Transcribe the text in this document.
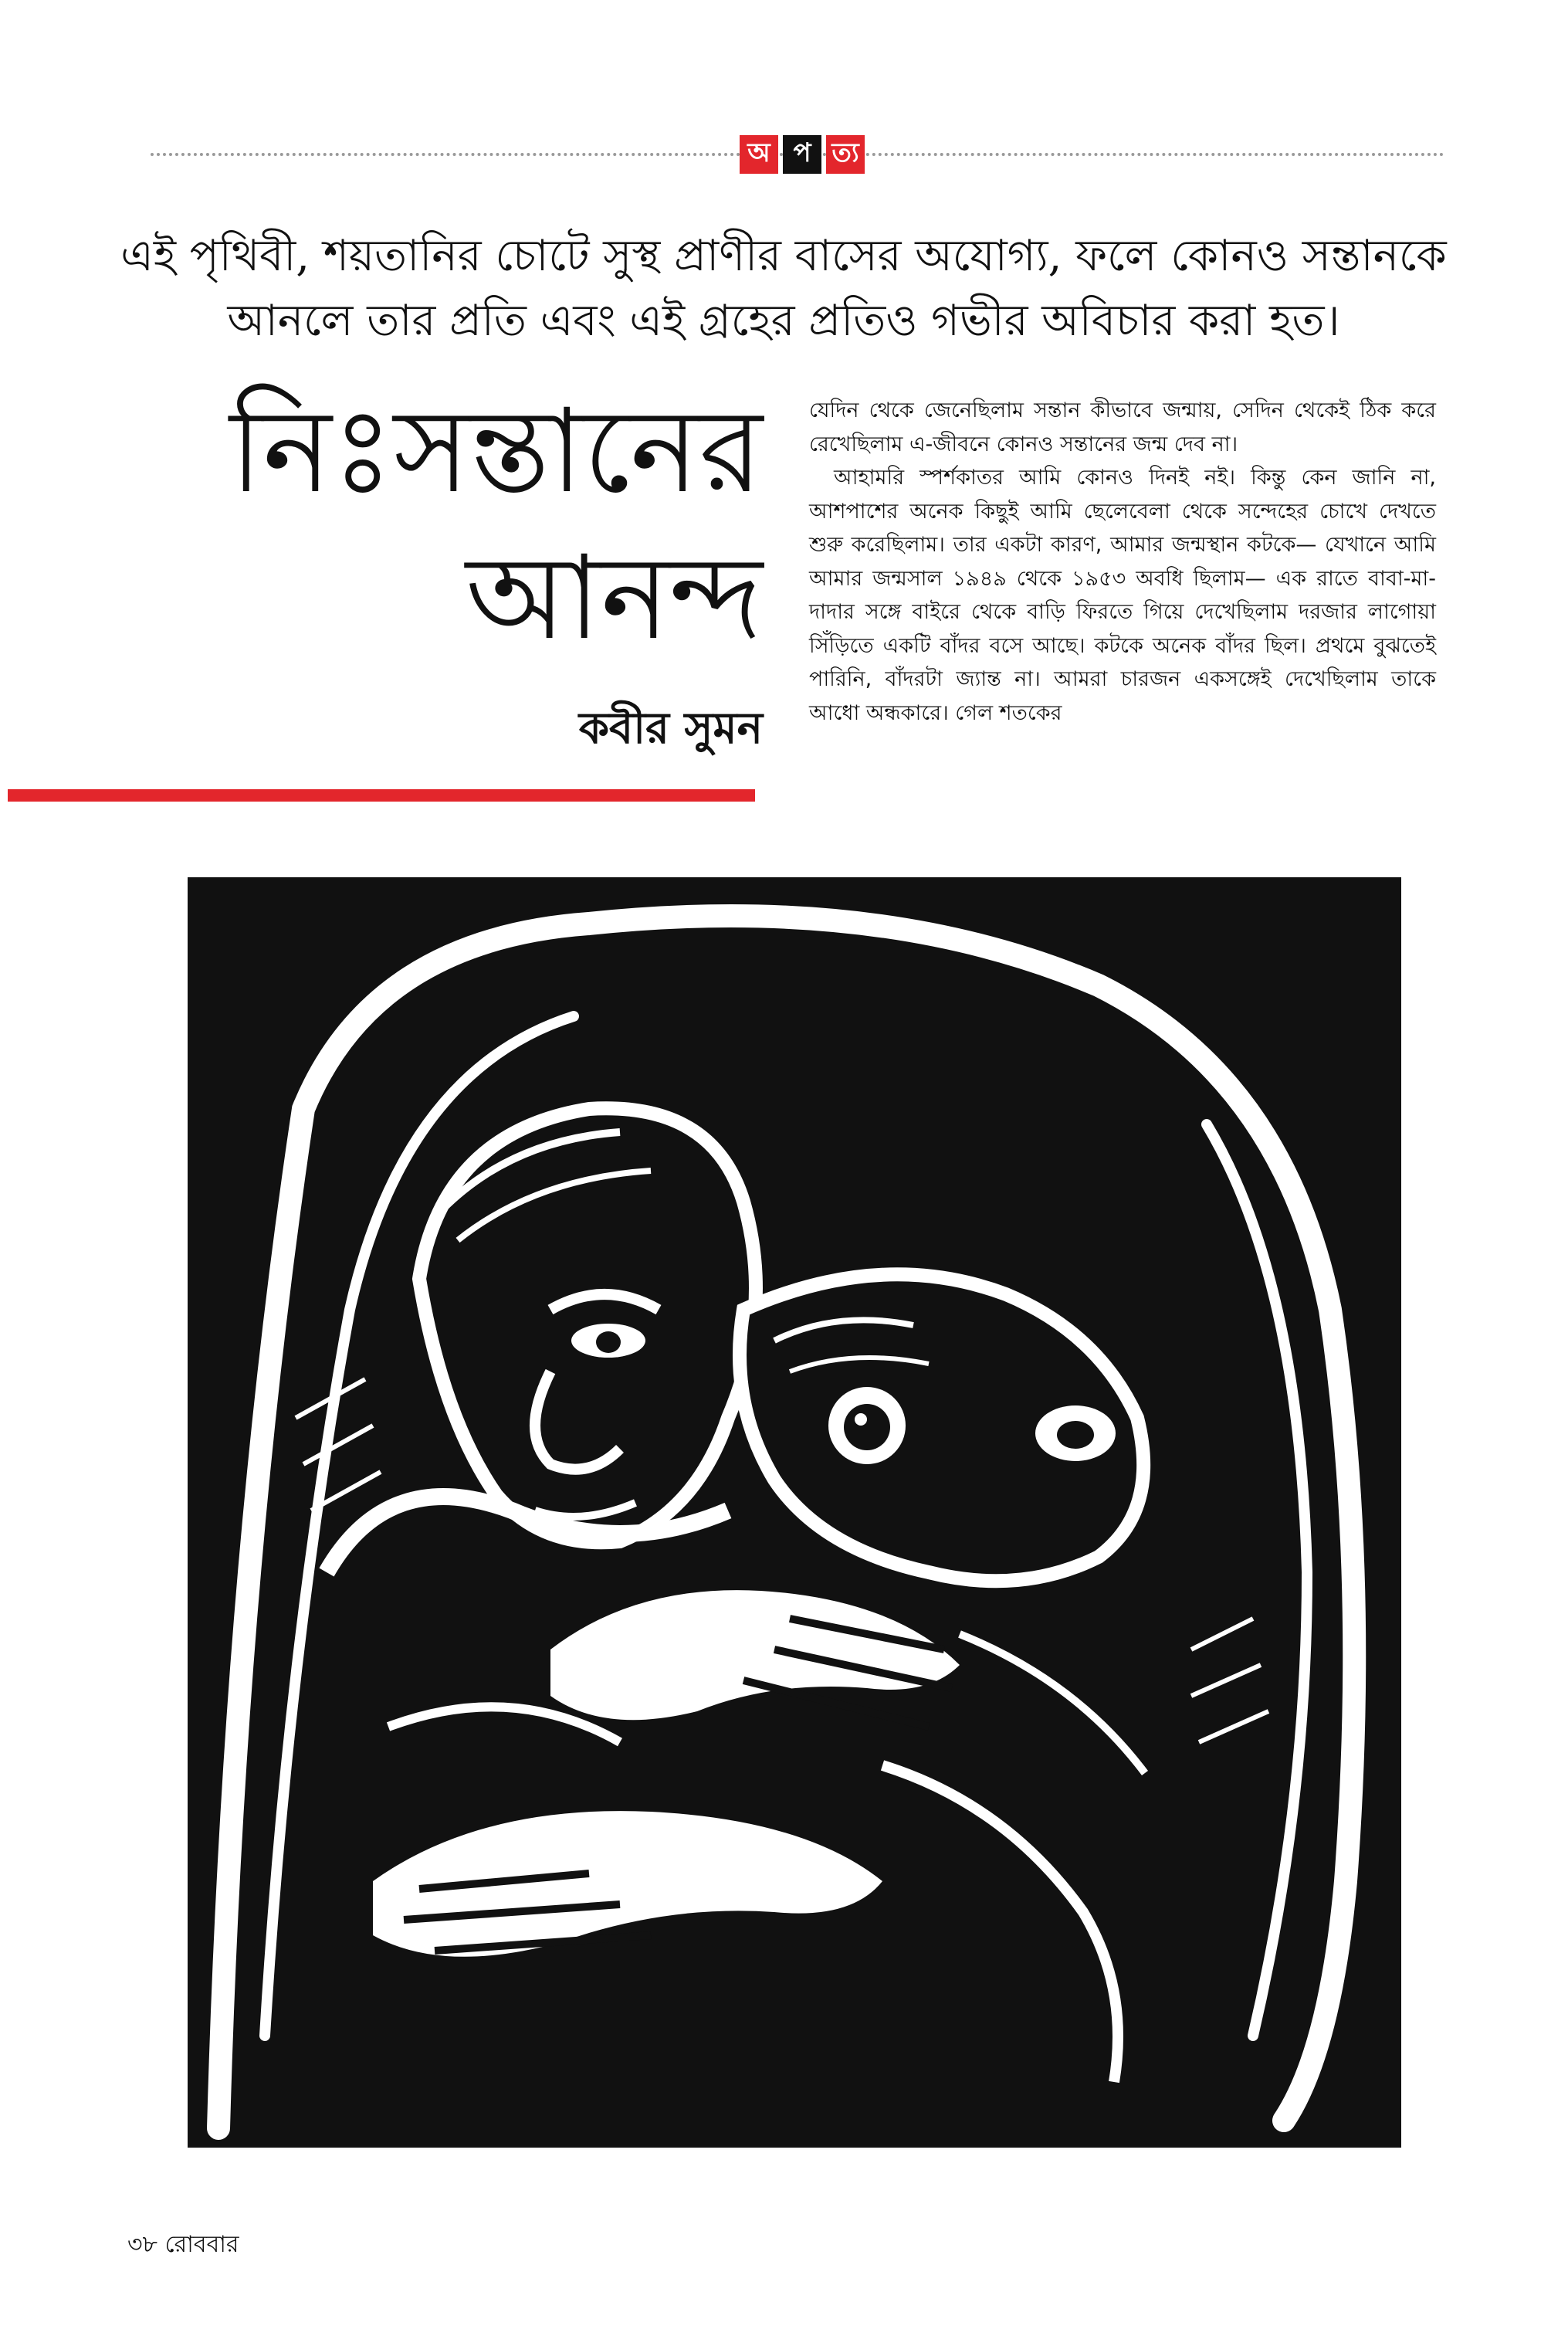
অ প ত্য

এই পৃথিবী, শয়তানির চোটে সুস্থ প্রাণীর বাসের অযোগ্য, ফলে কোনও সন্তানকে
আনলে তার প্রতি এবং এই গ্রহের প্রতিও গভীর অবিচার করা হত।

নিঃসন্তানের
আনন্দ

কবীর সুমন

যেদিন থেকে জেনেছিলাম সন্তান কীভাবে জন্মায়, সেদিন থেকেই ঠিক করে রেখেছিলাম এ-জীবনে কোনও সন্তানের জন্ম দেব না।

আহামরি স্পর্শকাতর আমি কোনও দিনই নই। কিন্তু কেন জানি না, আশপাশের অনেক কিছুই আমি ছেলেবেলা থেকে সন্দেহের চোখে দেখতে শুরু করেছিলাম। তার একটা কারণ, আমার জন্মস্থান কটকে— যেখানে আমি আমার জন্মসাল ১৯৪৯ থেকে ১৯৫৩ অবধি ছিলাম— এক রাতে বাবা-মা-দাদার সঙ্গে বাইরে থেকে বাড়ি ফিরতে গিয়ে দেখেছিলাম দরজার লাগোয়া সিঁড়িতে একটি বাঁদর বসে আছে। কটকে অনেক বাঁদর ছিল। প্রথমে বুঝতেই পারিনি, বাঁদরটা জ্যান্ত না। আমরা চারজন একসঙ্গেই দেখেছিলাম তাকে আধো অন্ধকারে। গেল শতকের

৩৮ রোববার
